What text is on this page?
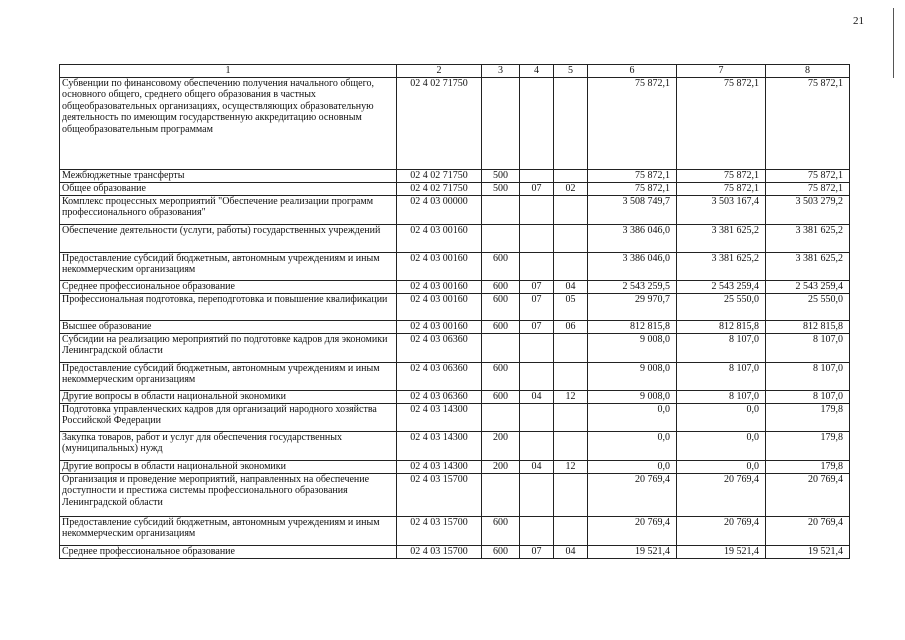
21
1	2	3	4	5	6	7	8
Субвенции по финансовому обеспечению получения начального общего, основного общего, среднего общего образования в частных общеобразовательных организациях, осуществляющих образовательную деятельность по имеющим государственную аккредитацию основным общеобразовательным программам	02 4 02 71750				75 872,1	75 872,1	75 872,1
Межбюджетные трансферты	02 4 02 71750	500			75 872,1	75 872,1	75 872,1
Общее образование	02 4 02 71750	500	07	02	75 872,1	75 872,1	75 872,1
Комплекс процессных мероприятий "Обеспечение реализации программ профессионального образования"	02 4 03 00000				3 508 749,7	3 503 167,4	3 503 279,2
Обеспечение деятельности (услуги, работы) государственных учреждений	02 4 03 00160				3 386 046,0	3 381 625,2	3 381 625,2
Предоставление субсидий бюджетным, автономным учреждениям и иным некоммерческим организациям	02 4 03 00160	600			3 386 046,0	3 381 625,2	3 381 625,2
Среднее профессиональное образование	02 4 03 00160	600	07	04	2 543 259,5	2 543 259,4	2 543 259,4
Профессиональная подготовка, переподготовка и повышение квалификации	02 4 03 00160	600	07	05	29 970,7	25 550,0	25 550,0
Высшее образование	02 4 03 00160	600	07	06	812 815,8	812 815,8	812 815,8
Субсидии на реализацию мероприятий по подготовке кадров для экономики Ленинградской области	02 4 03 06360				9 008,0	8 107,0	8 107,0
Предоставление субсидий бюджетным, автономным учреждениям и иным некоммерческим организациям	02 4 03 06360	600			9 008,0	8 107,0	8 107,0
Другие вопросы в области национальной экономики	02 4 03 06360	600	04	12	9 008,0	8 107,0	8 107,0
Подготовка управленческих кадров для организаций народного хозяйства Российской Федерации	02 4 03 14300				0,0	0,0	179,8
Закупка товаров, работ и услуг для обеспечения государственных (муниципальных) нужд	02 4 03 14300	200			0,0	0,0	179,8
Другие вопросы в области национальной экономики	02 4 03 14300	200	04	12	0,0	0,0	179,8
Организация и проведение мероприятий, направленных на обеспечение доступности и престижа системы профессионального образования Ленинградской области	02 4 03 15700				20 769,4	20 769,4	20 769,4
Предоставление субсидий бюджетным, автономным учреждениям и иным некоммерческим организациям	02 4 03 15700	600			20 769,4	20 769,4	20 769,4
Среднее профессиональное образование	02 4 03 15700	600	07	04	19 521,4	19 521,4	19 521,4
